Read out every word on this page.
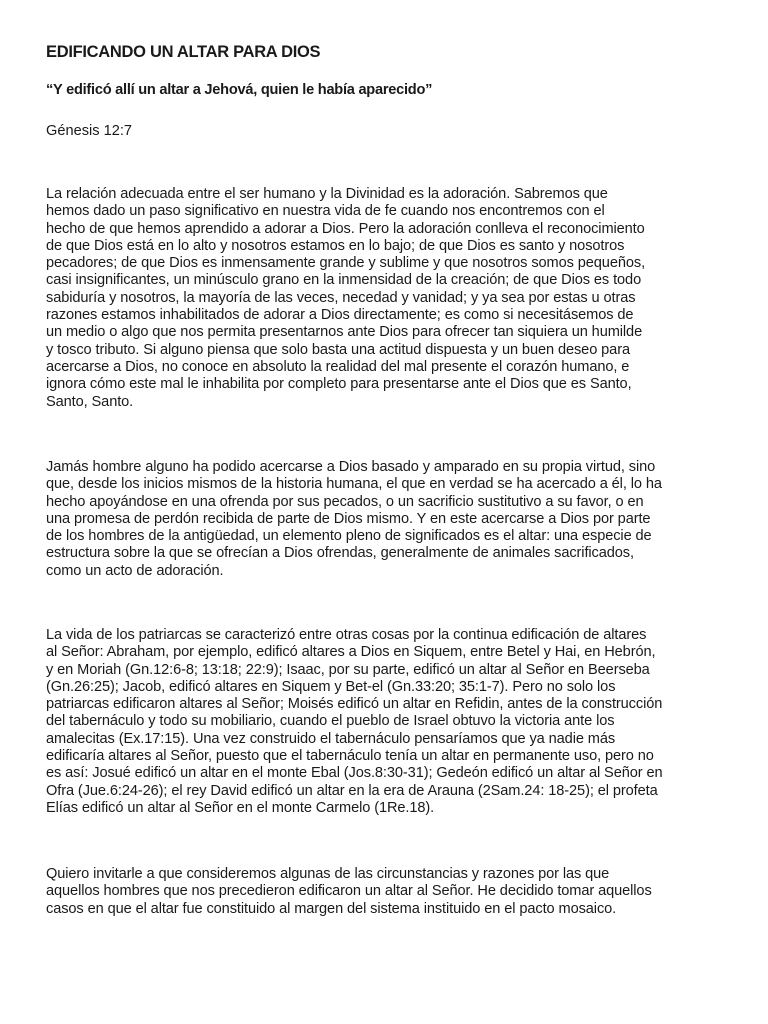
EDIFICANDO UN ALTAR PARA DIOS

“Y edificó allí un altar a Jehová, quien le había aparecido”

Génesis 12:7

La relación adecuada entre el ser humano y la Divinidad es la adoración. Sabremos que
hemos dado un paso significativo en nuestra vida de fe cuando nos encontremos con el
hecho de que hemos aprendido a adorar a Dios. Pero la adoración conlleva el reconocimiento
de que Dios está en lo alto y nosotros estamos en lo bajo; de que Dios es santo y nosotros
pecadores; de que Dios es inmensamente grande y sublime y que nosotros somos pequeños,
casi insignificantes, un minúsculo grano en la inmensidad de la creación; de que Dios es todo
sabiduría y nosotros, la mayoría de las veces, necedad y vanidad; y ya sea por estas u otras
razones estamos inhabilitados de adorar a Dios directamente; es como si necesitásemos de
un medio o algo que nos permita presentarnos ante Dios para ofrecer tan siquiera un humilde
y tosco tributo. Si alguno piensa que solo basta una actitud dispuesta y un buen deseo para
acercarse a Dios, no conoce en absoluto la realidad del mal presente el corazón humano, e
ignora cómo este mal le inhabilita por completo para presentarse ante el Dios que es Santo,
Santo, Santo.

Jamás hombre alguno ha podido acercarse a Dios basado y amparado en su propia virtud, sino
que, desde los inicios mismos de la historia humana, el que en verdad se ha acercado a él, lo ha
hecho apoyándose en una ofrenda por sus pecados, o un sacrificio sustitutivo a su favor, o en
una promesa de perdón recibida de parte de Dios mismo. Y en este acercarse a Dios por parte
de los hombres de la antigüedad, un elemento pleno de significados es el altar: una especie de
estructura sobre la que se ofrecían a Dios ofrendas, generalmente de animales sacrificados,
como un acto de adoración.

La vida de los patriarcas se caracterizó entre otras cosas por la continua edificación de altares
al Señor: Abraham, por ejemplo, edificó altares a Dios en Siquem, entre Betel y Hai, en Hebrón,
y en Moriah (Gn.12:6-8; 13:18; 22:9); Isaac, por su parte, edificó un altar al Señor en Beerseba
(Gn.26:25); Jacob, edificó altares en Siquem y Bet-el (Gn.33:20; 35:1-7). Pero no solo los
patriarcas edificaron altares al Señor; Moisés edificó un altar en Refidin, antes de la construcción
del tabernáculo y todo su mobiliario, cuando el pueblo de Israel obtuvo la victoria ante los
amalecitas (Ex.17:15). Una vez construido el tabernáculo pensaríamos que ya nadie más
edificaría altares al Señor, puesto que el tabernáculo tenía un altar en permanente uso, pero no
es así: Josué edificó un altar en el monte Ebal (Jos.8:30-31); Gedeón edificó un altar al Señor en
Ofra (Jue.6:24-26); el rey David edificó un altar en la era de Arauna (2Sam.24: 18-25); el profeta
Elías edificó un altar al Señor en el monte Carmelo (1Re.18).

Quiero invitarle a que consideremos algunas de las circunstancias y razones por las que
aquellos hombres que nos precedieron edificaron un altar al Señor. He decidido tomar aquellos
casos en que el altar fue constituido al margen del sistema instituido en el pacto mosaico.
